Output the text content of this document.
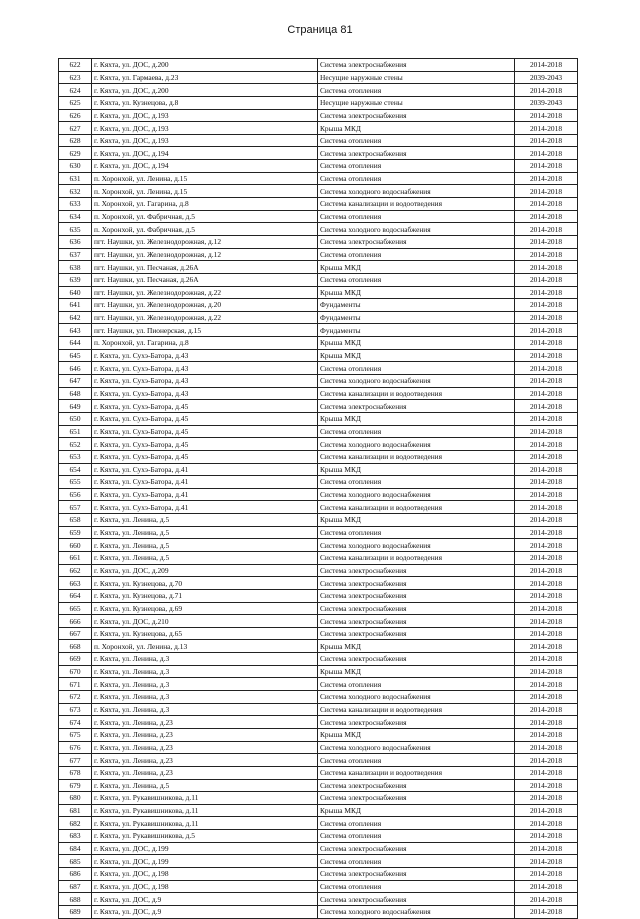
Страница 81
622	г. Кяхта, ул. ДОС, д.200	Система электроснабжения	2014-2018
623	г. Кяхта, ул. Гармаева, д.23	Несущие наружные стены	2039-2043
624	г. Кяхта, ул. ДОС, д.200	Система отопления	2014-2018
625	г. Кяхта, ул. Кузнецова, д.8	Несущие наружные стены	2039-2043
626	г. Кяхта, ул. ДОС, д.193	Система электроснабжения	2014-2018
627	г. Кяхта, ул. ДОС, д.193	Крыша МКД	2014-2018
628	г. Кяхта, ул. ДОС, д.193	Система отопления	2014-2018
629	г. Кяхта, ул. ДОС, д.194	Система электроснабжения	2014-2018
630	г. Кяхта, ул. ДОС, д.194	Система отопления	2014-2018
631	п. Хоронхой, ул. Ленина, д.15	Система отопления	2014-2018
632	п. Хоронхой, ул. Ленина, д.15	Система холодного водоснабжения	2014-2018
633	п. Хоронхой, ул. Гагарина, д.8	Система канализации и водоотведения	2014-2018
634	п. Хоронхой, ул. Фабричная, д.5	Система отопления	2014-2018
635	п. Хоронхой, ул. Фабричная, д.5	Система холодного водоснабжения	2014-2018
636	пгт. Наушки, ул. Железнодорожная, д.12	Система электроснабжения	2014-2018
637	пгт. Наушки, ул. Железнодорожная, д.12	Система отопления	2014-2018
638	пгт. Наушки, ул. Песчаная, д.26А	Крыша МКД	2014-2018
639	пгт. Наушки, ул. Песчаная, д.26А	Система отопления	2014-2018
640	пгт. Наушки, ул. Железнодорожная, д.22	Крыша МКД	2014-2018
641	пгт. Наушки, ул. Железнодорожная, д.20	Фундаменты	2014-2018
642	пгт. Наушки, ул. Железнодорожная, д.22	Фундаменты	2014-2018
643	пгт. Наушки, ул. Пионерская, д.15	Фундаменты	2014-2018
644	п. Хоронхой, ул. Гагарина, д.8	Крыша МКД	2014-2018
645	г. Кяхта, ул. Сухэ-Батора, д.43	Крыша МКД	2014-2018
646	г. Кяхта, ул. Сухэ-Батора, д.43	Система отопления	2014-2018
647	г. Кяхта, ул. Сухэ-Батора, д.43	Система холодного водоснабжения	2014-2018
648	г. Кяхта, ул. Сухэ-Батора, д.43	Система канализации и водоотведения	2014-2018
649	г. Кяхта, ул. Сухэ-Батора, д.45	Система электроснабжения	2014-2018
650	г. Кяхта, ул. Сухэ-Батора, д.45	Крыша МКД	2014-2018
651	г. Кяхта, ул. Сухэ-Батора, д.45	Система отопления	2014-2018
652	г. Кяхта, ул. Сухэ-Батора, д.45	Система холодного водоснабжения	2014-2018
653	г. Кяхта, ул. Сухэ-Батора, д.45	Система канализации и водоотведения	2014-2018
654	г. Кяхта, ул. Сухэ-Батора, д.41	Крыша МКД	2014-2018
655	г. Кяхта, ул. Сухэ-Батора, д.41	Система отопления	2014-2018
656	г. Кяхта, ул. Сухэ-Батора, д.41	Система холодного водоснабжения	2014-2018
657	г. Кяхта, ул. Сухэ-Батора, д.41	Система канализации и водоотведения	2014-2018
658	г. Кяхта, ул. Ленина, д.5	Крыша МКД	2014-2018
659	г. Кяхта, ул. Ленина, д.5	Система отопления	2014-2018
660	г. Кяхта, ул. Ленина, д.5	Система холодного водоснабжения	2014-2018
661	г. Кяхта, ул. Ленина, д.5	Система канализации и водоотведения	2014-2018
662	г. Кяхта, ул. ДОС, д.209	Система электроснабжения	2014-2018
663	г. Кяхта, ул. Кузнецова, д.70	Система электроснабжения	2014-2018
664	г. Кяхта, ул. Кузнецова, д.71	Система электроснабжения	2014-2018
665	г. Кяхта, ул. Кузнецова, д.69	Система электроснабжения	2014-2018
666	г. Кяхта, ул. ДОС, д.210	Система электроснабжения	2014-2018
667	г. Кяхта, ул. Кузнецова, д.65	Система электроснабжения	2014-2018
668	п. Хоронхой, ул. Ленина, д.13	Крыша МКД	2014-2018
669	г. Кяхта, ул. Ленина, д.3	Система электроснабжения	2014-2018
670	г. Кяхта, ул. Ленина, д.3	Крыша МКД	2014-2018
671	г. Кяхта, ул. Ленина, д.3	Система отопления	2014-2018
672	г. Кяхта, ул. Ленина, д.3	Система холодного водоснабжения	2014-2018
673	г. Кяхта, ул. Ленина, д.3	Система канализации и водоотведения	2014-2018
674	г. Кяхта, ул. Ленина, д.23	Система электроснабжения	2014-2018
675	г. Кяхта, ул. Ленина, д.23	Крыша МКД	2014-2018
676	г. Кяхта, ул. Ленина, д.23	Система холодного водоснабжения	2014-2018
677	г. Кяхта, ул. Ленина, д.23	Система отопления	2014-2018
678	г. Кяхта, ул. Ленина, д.23	Система канализации и водоотведения	2014-2018
679	г. Кяхта, ул. Ленина, д.5	Система электроснабжения	2014-2018
680	г. Кяхта, ул. Рукавишникова, д.11	Система электроснабжения	2014-2018
681	г. Кяхта, ул. Рукавишникова, д.11	Крыша МКД	2014-2018
682	г. Кяхта, ул. Рукавишникова, д.11	Система отопления	2014-2018
683	г. Кяхта, ул. Рукавишникова, д.5	Система отопления	2014-2018
684	г. Кяхта, ул. ДОС, д.199	Система электроснабжения	2014-2018
685	г. Кяхта, ул. ДОС, д.199	Система отопления	2014-2018
686	г. Кяхта, ул. ДОС, д.198	Система электроснабжения	2014-2018
687	г. Кяхта, ул. ДОС, д.198	Система отопления	2014-2018
688	г. Кяхта, ул. ДОС, д.9	Система электроснабжения	2014-2018
689	г. Кяхта, ул. ДОС, д.9	Система холодного водоснабжения	2014-2018
